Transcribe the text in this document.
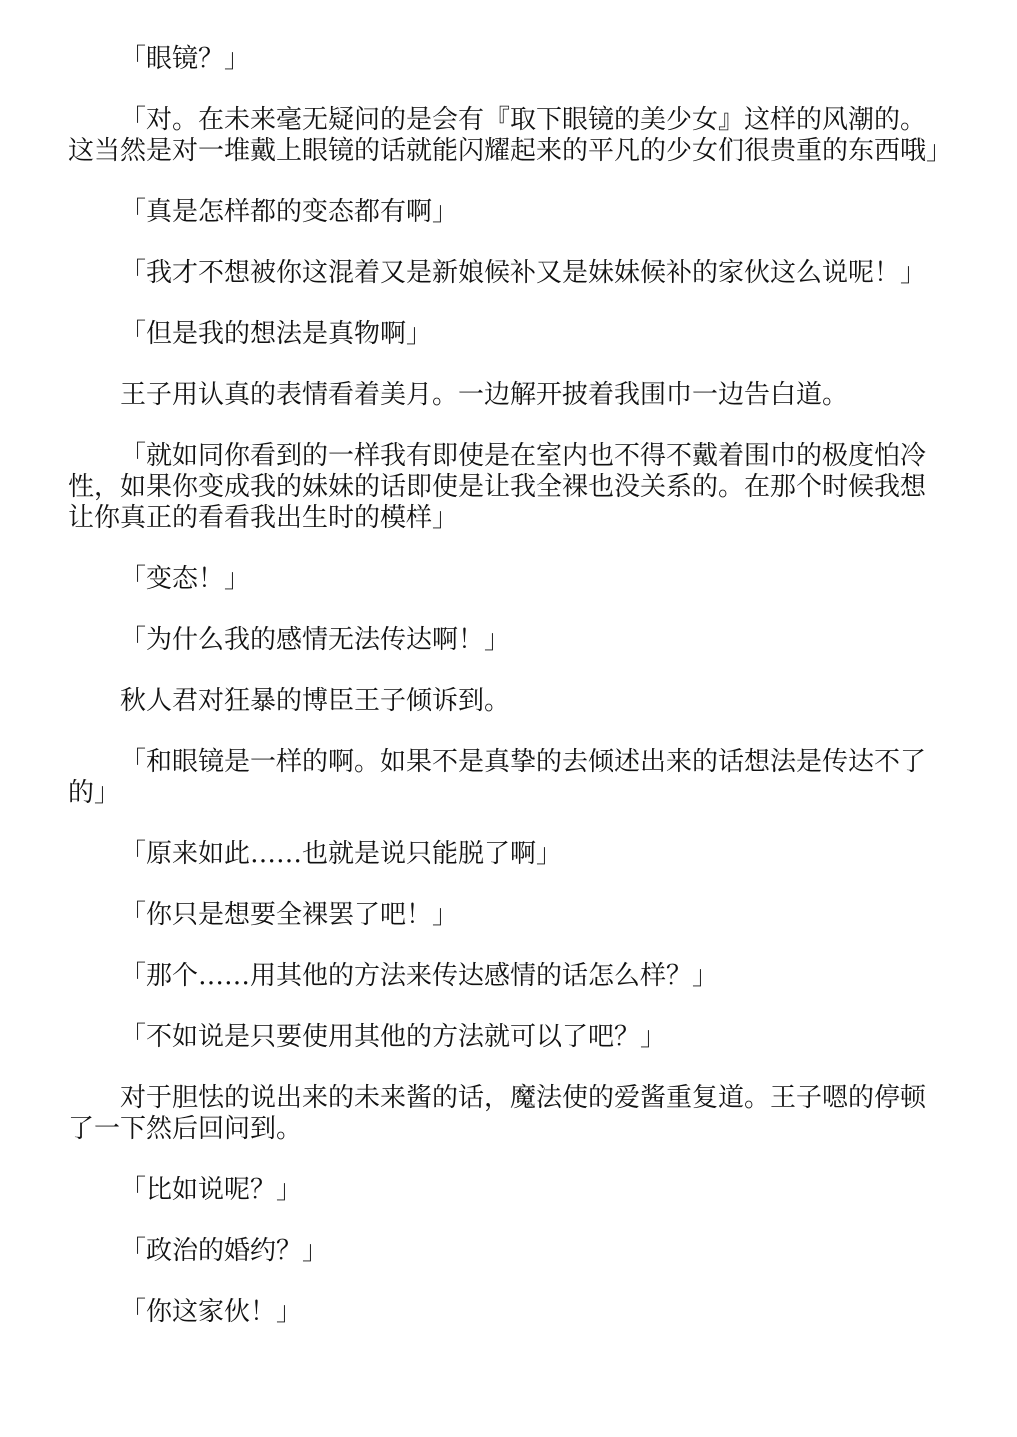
「眼镜？」

「对。在未来毫无疑问的是会有『取下眼镜的美少女』这样的风潮的。这当然是对一堆戴上眼镜的话就能闪耀起来的平凡的少女们很贵重的东西哦」

「真是怎样都的变态都有啊」

「我才不想被你这混着又是新娘候补又是妹妹候补的家伙这么说呢！」

「但是我的想法是真物啊」

王子用认真的表情看着美月。一边解开披着我围巾一边告白道。

「就如同你看到的一样我有即使是在室内也不得不戴着围巾的极度怕冷性，如果你变成我的妹妹的话即使是让我全裸也没关系的。在那个时候我想让你真正的看看我出生时的模样」

「变态！」

「为什么我的感情无法传达啊！」

秋人君对狂暴的博臣王子倾诉到。

「和眼镜是一样的啊。如果不是真挚的去倾述出来的话想法是传达不了的」

「原来如此……也就是说只能脱了啊」

「你只是想要全裸罢了吧！」

「那个……用其他的方法来传达感情的话怎么样？」

「不如说是只要使用其他的方法就可以了吧？」

对于胆怯的说出来的未来酱的话，魔法使的爱酱重复道。王子嗯的停顿了一下然后回问到。

「比如说呢？」

「政治的婚约？」

「你这家伙！」
